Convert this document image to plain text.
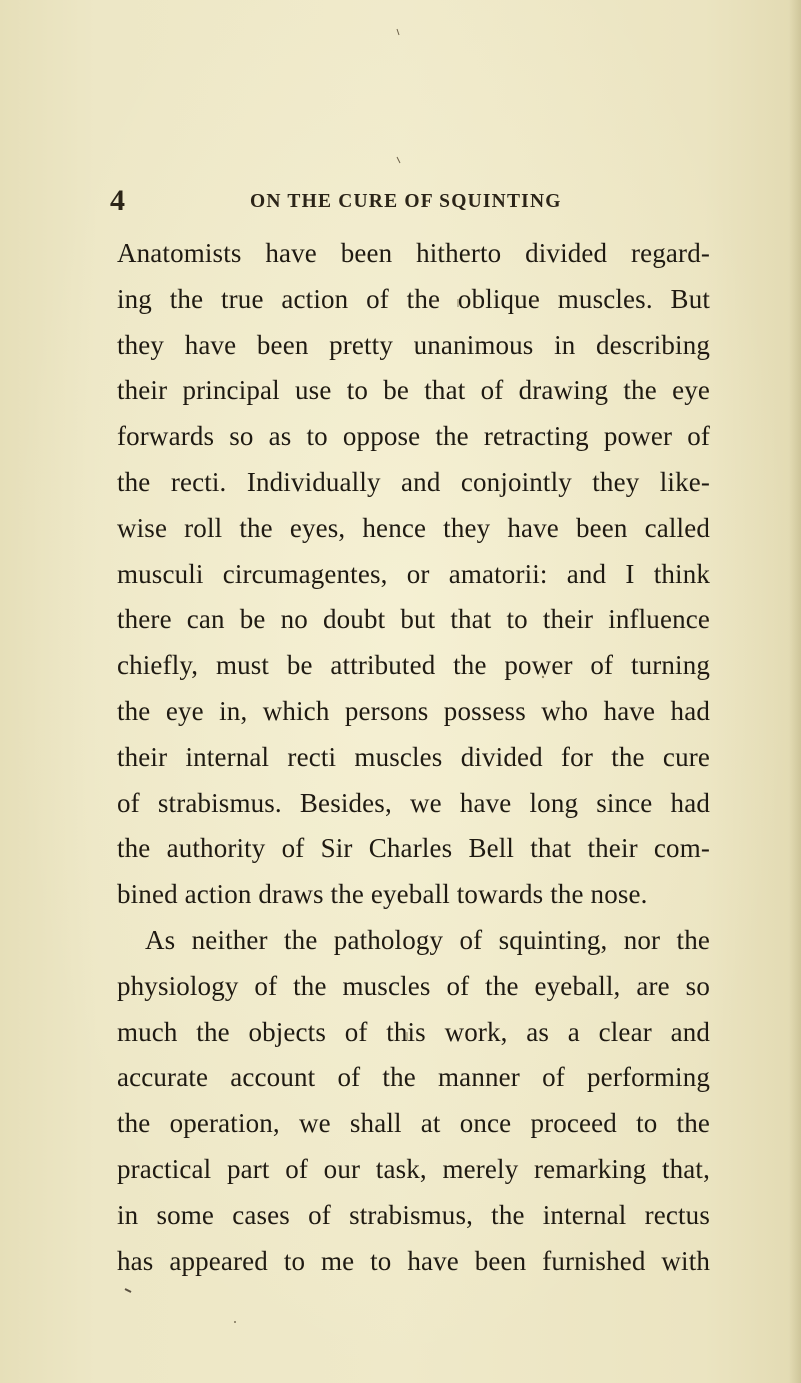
4	ON THE CURE OF SQUINTING
Anatomists have been hitherto divided regard-
ing the true action of the oblique muscles. But
they have been pretty unanimous in describing
their principal use to be that of drawing the eye
forwards so as to oppose the retracting power of
the recti. Individually and conjointly they like-
wise roll the eyes, hence they have been called
musculi circumagentes, or amatorii: and I think
there can be no doubt but that to their influence
chiefly, must be attributed the power of turning
the eye in, which persons possess who have had
their internal recti muscles divided for the cure
of strabismus. Besides, we have long since had
the authority of Sir Charles Bell that their com-
bined action draws the eyeball towards the nose.
As neither the pathology of squinting, nor the
physiology of the muscles of the eyeball, are so
much the objects of this work, as a clear and
accurate account of the manner of performing
the operation, we shall at once proceed to the
practical part of our task, merely remarking that,
in some cases of strabismus, the internal rectus
has appeared to me to have been furnished with
